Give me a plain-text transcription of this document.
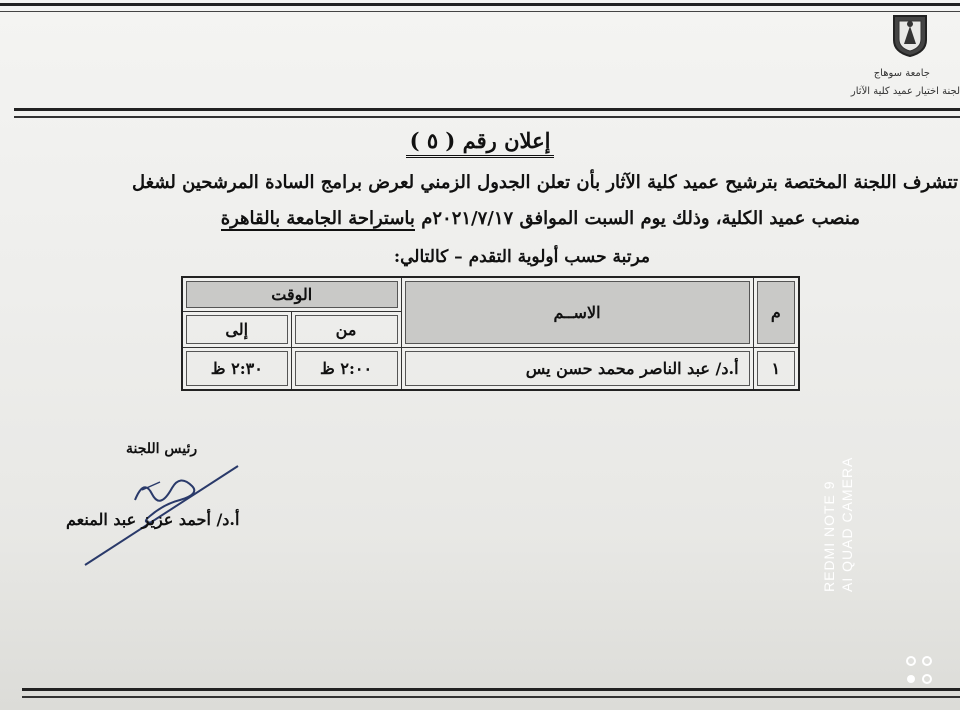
جامعة سوهاج
لجنة اختيار عميد كلية الآثار
إعلان رقم ( ٥ )
تتشرف اللجنة المختصة بترشيح عميد كلية الآثار بأن تعلن الجدول الزمني لعرض برامج السادة المرشحين لشغل
منصب عميد الكلية، وذلك يوم السبت الموافق ٢٠٢١/٧/١٧م باستراحة الجامعة بالقاهرة
مرتبة حسب أولوية التقدم – كالتالي:
م	الاســم	الوقت	
		من	إلى
١	أ.د/ عبد الناصر محمد حسن يس	٢:٠٠ ظ	٢:٣٠ ظ
رئيس اللجنة
أ.د/ أحمد عزيز عبد المنعم	REDMI NOTE 9 AI QUAD CAMERA
